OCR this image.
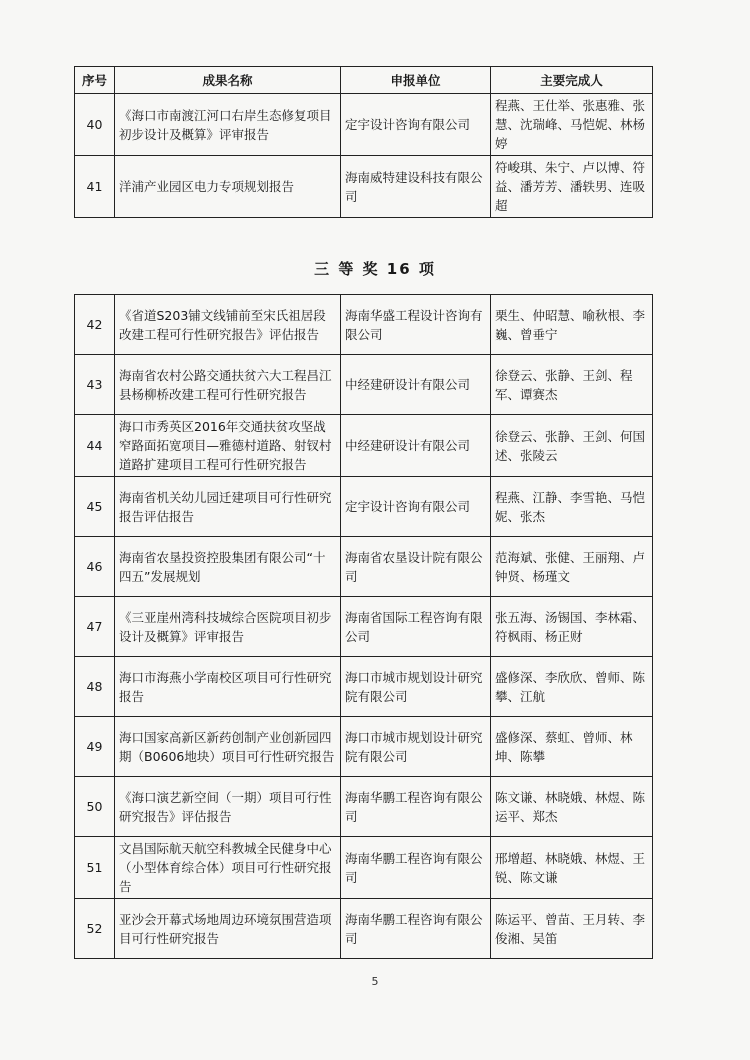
序号	成果名称	申报单位	主要完成人
40	《海口市南渡江河口右岸生态修复项目初步设计及概算》评审报告	定宇设计咨询有限公司	程燕、王仕举、张惠雅、张慧、沈瑞峰、马恺妮、林杨婷
41	洋浦产业园区电力专项规划报告	海南威特建设科技有限公司	符峻琪、朱宁、卢以博、符益、潘芳芳、潘轶男、连吸超
三 等 奖 16 项
42	《省道S203铺文线铺前至宋氏祖居段改建工程可行性研究报告》评估报告	海南华盛工程设计咨询有限公司	栗生、仲昭慧、喻秋根、李巍、曾垂宁
43	海南省农村公路交通扶贫六大工程昌江县杨柳桥改建工程可行性研究报告	中经建研设计有限公司	徐登云、张静、王剑、程军、谭赛杰
44	海口市秀英区2016年交通扶贫攻坚战窄路面拓宽项目—雅德村道路、射钗村道路扩建项目工程可行性研究报告	中经建研设计有限公司	徐登云、张静、王剑、何国述、张陵云
45	海南省机关幼儿园迁建项目可行性研究报告评估报告	定宇设计咨询有限公司	程燕、江静、李雪艳、马恺妮、张杰
46	海南省农垦投资控股集团有限公司“十四五”发展规划	海南省农垦设计院有限公司	范海斌、张健、王丽翔、卢钟贤、杨瑾文
47	《三亚崖州湾科技城综合医院项目初步设计及概算》评审报告	海南省国际工程咨询有限公司	张五海、汤锡国、李林霜、符枫雨、杨正财
48	海口市海燕小学南校区项目可行性研究报告	海口市城市规划设计研究院有限公司	盛修深、李欣欣、曾师、陈攀、江航
49	海口国家高新区新药创制产业创新园四期（B0606地块）项目可行性研究报告	海口市城市规划设计研究院有限公司	盛修深、蔡虹、曾师、林坤、陈攀
50	《海口演艺新空间（一期）项目可行性研究报告》评估报告	海南华鹏工程咨询有限公司	陈文谦、林晓娥、林煜、陈运平、郑杰
51	文昌国际航天航空科教城全民健身中心（小型体育综合体）项目可行性研究报告	海南华鹏工程咨询有限公司	邢增超、林晓娥、林煜、王锐、陈文谦
52	亚沙会开幕式场地周边环境氛围营造项目可行性研究报告	海南华鹏工程咨询有限公司	陈运平、曾苗、王月转、李俊湘、吴笛
5
